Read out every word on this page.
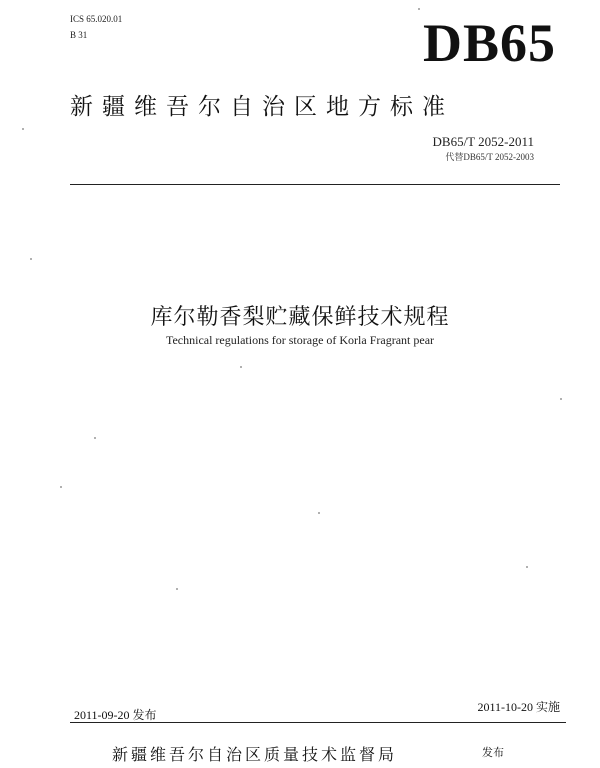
ICS 65.020.01
B 31	DB65
新疆维吾尔自治区地方标准
DB65/T 2052-2011
代替DB65/T 2052-2003
库尔勒香梨贮藏保鲜技术规程
Technical regulations for storage of Korla Fragrant pear
2011-09-20 发布
2011-10-20 实施
新疆维吾尔自治区质量技术监督局	发布
